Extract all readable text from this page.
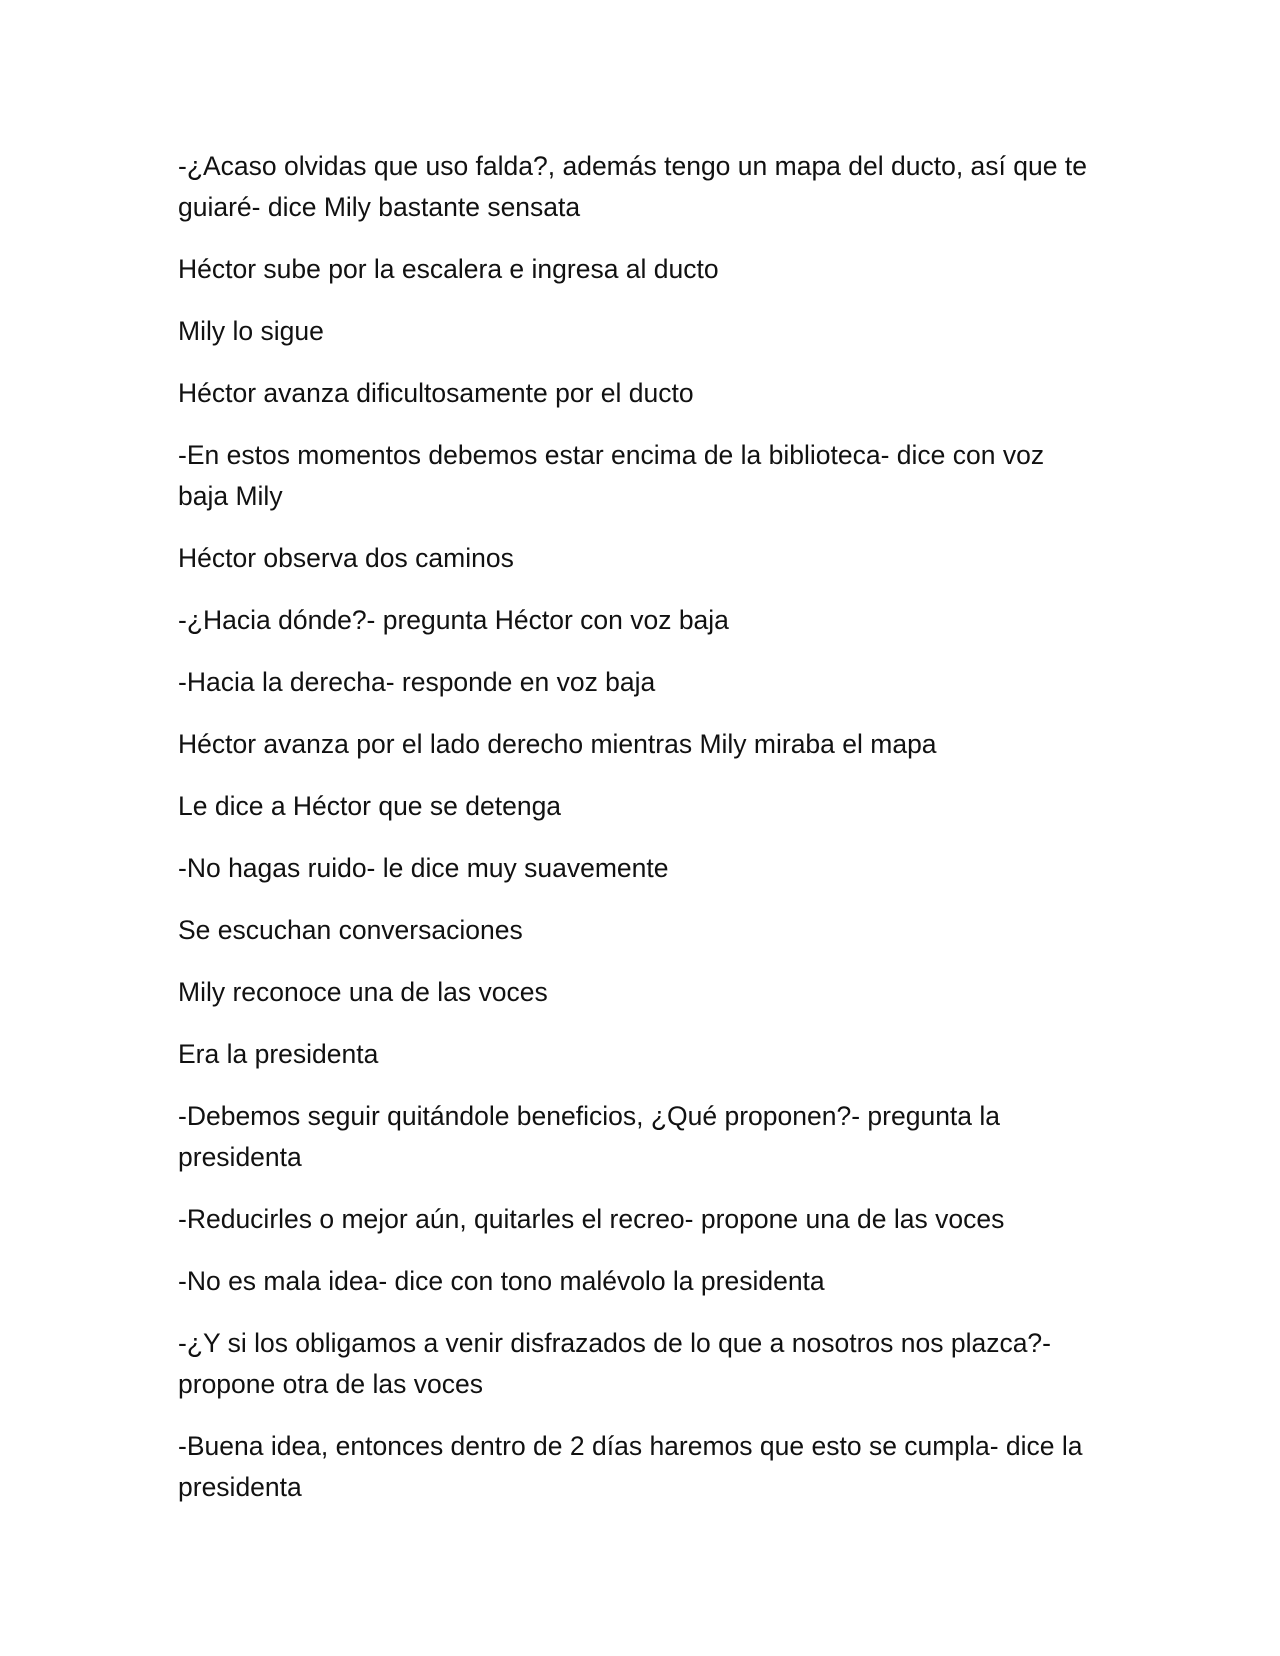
-¿Acaso olvidas que uso falda?, además tengo un mapa del ducto, así que te guiaré- dice Mily bastante sensata

Héctor sube por la escalera e ingresa al ducto

Mily lo sigue

Héctor avanza dificultosamente por el ducto

-En estos momentos debemos estar encima de la biblioteca- dice con voz baja Mily

Héctor observa dos caminos

-¿Hacia dónde?- pregunta Héctor con voz baja

-Hacia la derecha- responde en voz baja

Héctor avanza por el lado derecho mientras Mily miraba el mapa

Le dice a Héctor que se detenga

-No hagas ruido- le dice muy suavemente

Se escuchan conversaciones

Mily reconoce una de las voces

Era la presidenta

-Debemos seguir quitándole beneficios, ¿Qué proponen?- pregunta la presidenta

-Reducirles o mejor aún, quitarles el recreo- propone una de las voces

-No es mala idea- dice con tono malévolo la presidenta

-¿Y si los obligamos a venir disfrazados de lo que a nosotros nos plazca?- propone otra de las voces

-Buena idea, entonces dentro de 2 días haremos que esto se cumpla- dice la presidenta
